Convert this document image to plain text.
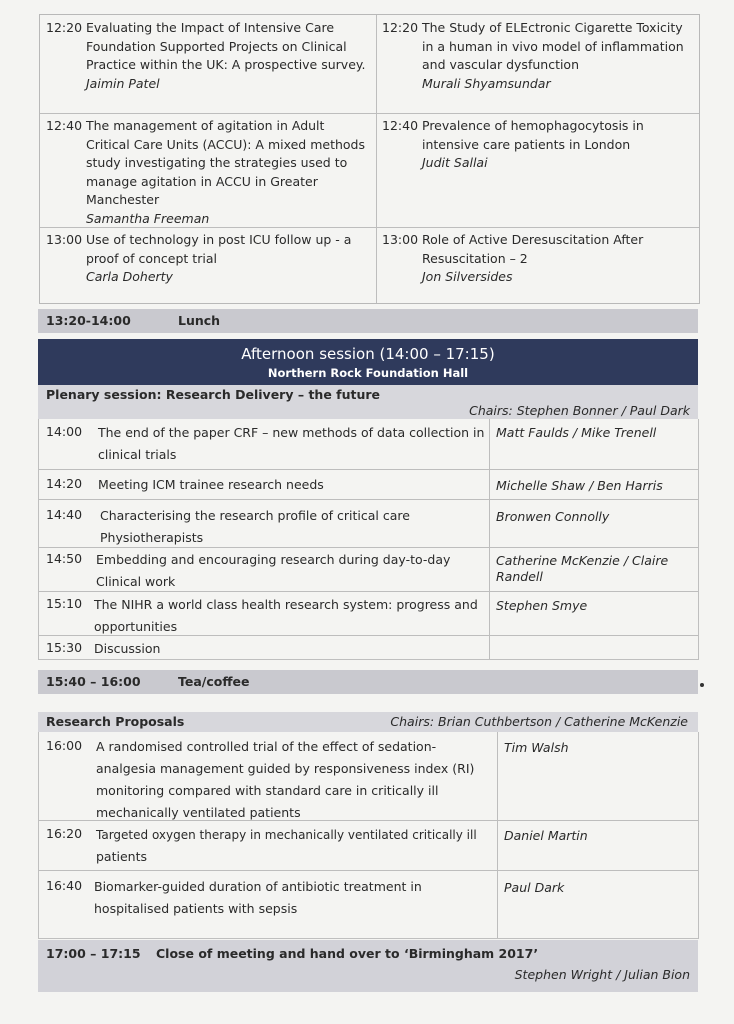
12:20 Evaluating the Impact of Intensive Care
Foundation Supported Projects on Clinical
Practice within the UK: A prospective survey.
Jaimin Patel
12:20 The Study of ELEctronic Cigarette Toxicity
in a human in vivo model of inflammation
and vascular dysfunction
Murali Shyamsundar
12:40 The management of agitation in Adult
Critical Care Units (ACCU): A mixed methods
study investigating the strategies used to
manage agitation in ACCU in Greater
Manchester
Samantha Freeman
12:40 Prevalence of hemophagocytosis in
intensive care patients in London
Judit Sallai
13:00 Use of technology in post ICU follow up - a
proof of concept trial
Carla Doherty
13:00 Role of Active Deresuscitation After
Resuscitation – 2
Jon Silversides
13:20-14:00	Lunch
Afternoon session (14:00 – 17:15)
Northern Rock Foundation Hall
Plenary session: Research Delivery – the future
Chairs: Stephen Bonner / Paul Dark
14:00 The end of the paper CRF – new methods of data collection in
clinical trials
Matt Faulds / Mike Trenell
14:20 Meeting ICM trainee research needs	Michelle Shaw / Ben Harris
14:40 Characterising the research profile of critical care
Physiotherapists
Bronwen Connolly
14:50 Embedding and encouraging research during day-to-day
Clinical work
Catherine McKenzie / Claire Randell
15:10 The NIHR a world class health research system: progress and
opportunities
Stephen Smye
15:30 Discussion
15:40 – 16:00	Tea/coffee
Research Proposals	Chairs: Brian Cuthbertson / Catherine McKenzie
16:00 A randomised controlled trial of the effect of sedation-
analgesia management guided by responsiveness index (RI)
monitoring compared with standard care in critically ill
mechanically ventilated patients
Tim Walsh
16:20 Targeted oxygen therapy in mechanically ventilated critically ill
patients
Daniel Martin
16:40 Biomarker-guided duration of antibiotic treatment in
hospitalised patients with sepsis
Paul Dark
17:00 – 17:15 Close of meeting and hand over to ‘Birmingham 2017’
Stephen Wright / Julian Bion
